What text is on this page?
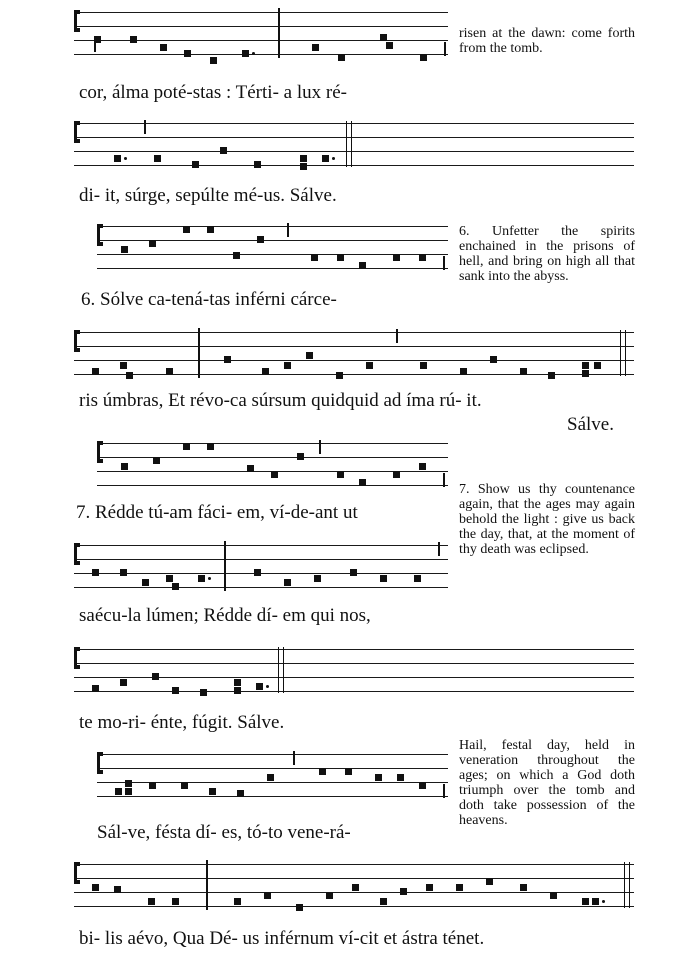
cor, álma poté-stas : Térti- a lux ré-
risen at the dawn: come forth from the tomb.
di- it, súrge, sepúlte mé-us. Sálve.
6. Sólve ca-tená-tas inférni cárce-
6. Unfetter the spirits enchained in the prisons of hell, and bring on high all that sank into the abyss.
ris úmbras, Et révo-ca súrsum quidquid ad íma rú- it.
Sálve.
7. Rédde tú-am fáci- em, ví-de-ant ut
saécu-la lúmen; Rédde dí- em qui nos,
7. Show us thy countenance again, that the ages may again behold the light : give us back the day, that, at the moment of thy death was eclipsed.
te mo-ri- énte, fúgit. Sálve.
Sál-ve, fésta dí- es, tó-to vene-rá-
Hail, festal day, held in veneration throughout the ages; on which a God doth triumph over the tomb and doth take possession of the heavens.
bi- lis aévo, Qua Dé- us inférnum ví-cit et ástra ténet.
